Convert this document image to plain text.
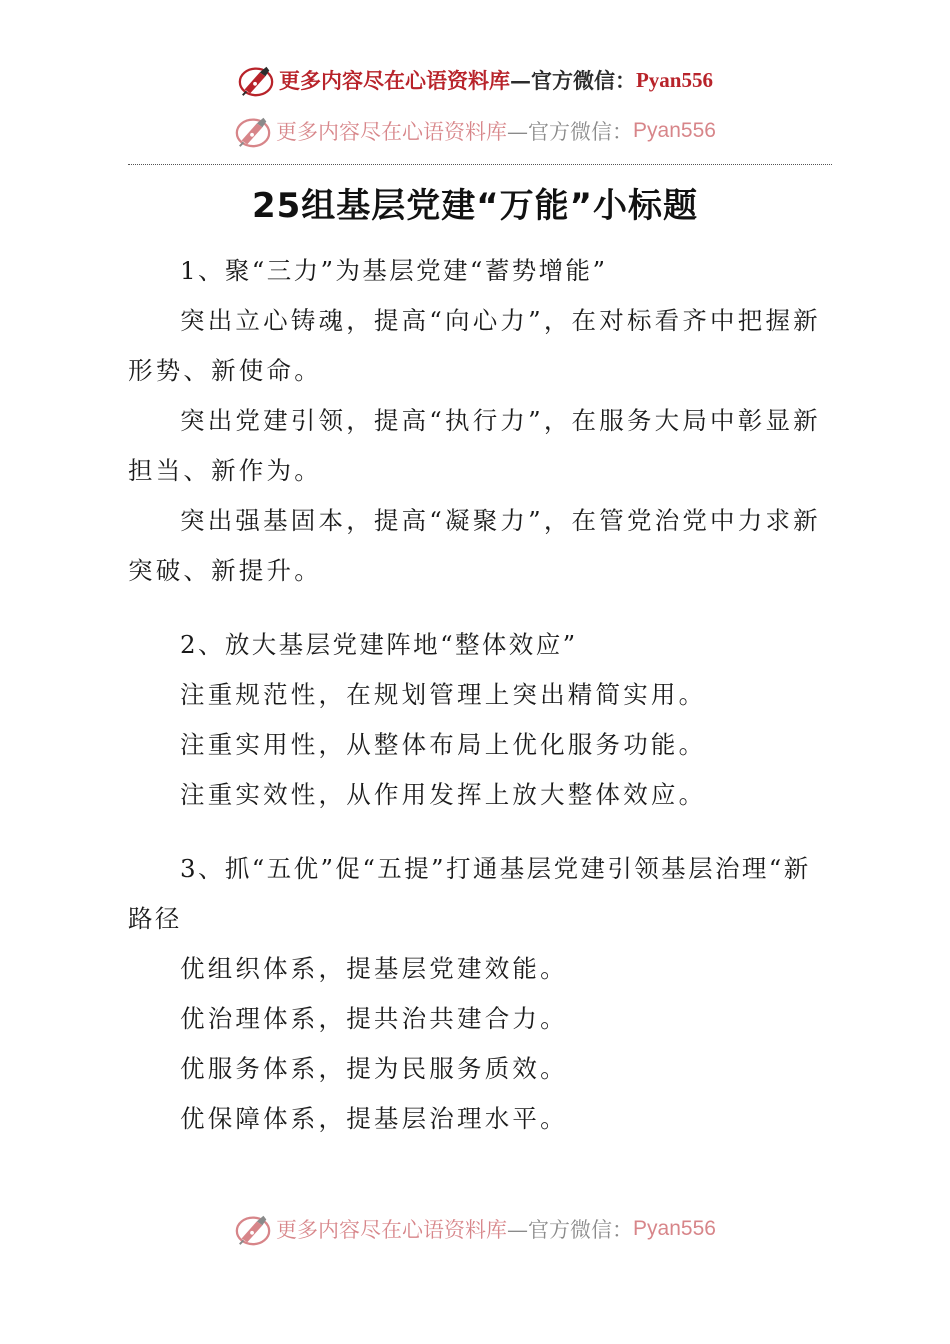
更多内容尽在心语资料库 —官方微信： Pyan556
更多内容尽在心语资料库 —官方微信： Pyan556
25组基层党建“万能”小标题

1、聚“三力”为基层党建“蓄势增能”

突出立心铸魂，提高“向心力”，在对标看齐中把握新形势、新使命。

突出党建引领，提高“执行力”，在服务大局中彰显新担当、新作为。

突出强基固本，提高“凝聚力”，在管党治党中力求新突破、新提升。

2、放大基层党建阵地“整体效应”

注重规范性，在规划管理上突出精简实用。

注重实用性，从整体布局上优化服务功能。

注重实效性，从作用发挥上放大整体效应。

3、抓“五优”促“五提”打通基层党建引领基层治理“新路径

优组织体系，提基层党建效能。

优治理体系，提共治共建合力。

优服务体系，提为民服务质效。

优保障体系，提基层治理水平。

更多内容尽在心语资料库 —官方微信： Pyan556
